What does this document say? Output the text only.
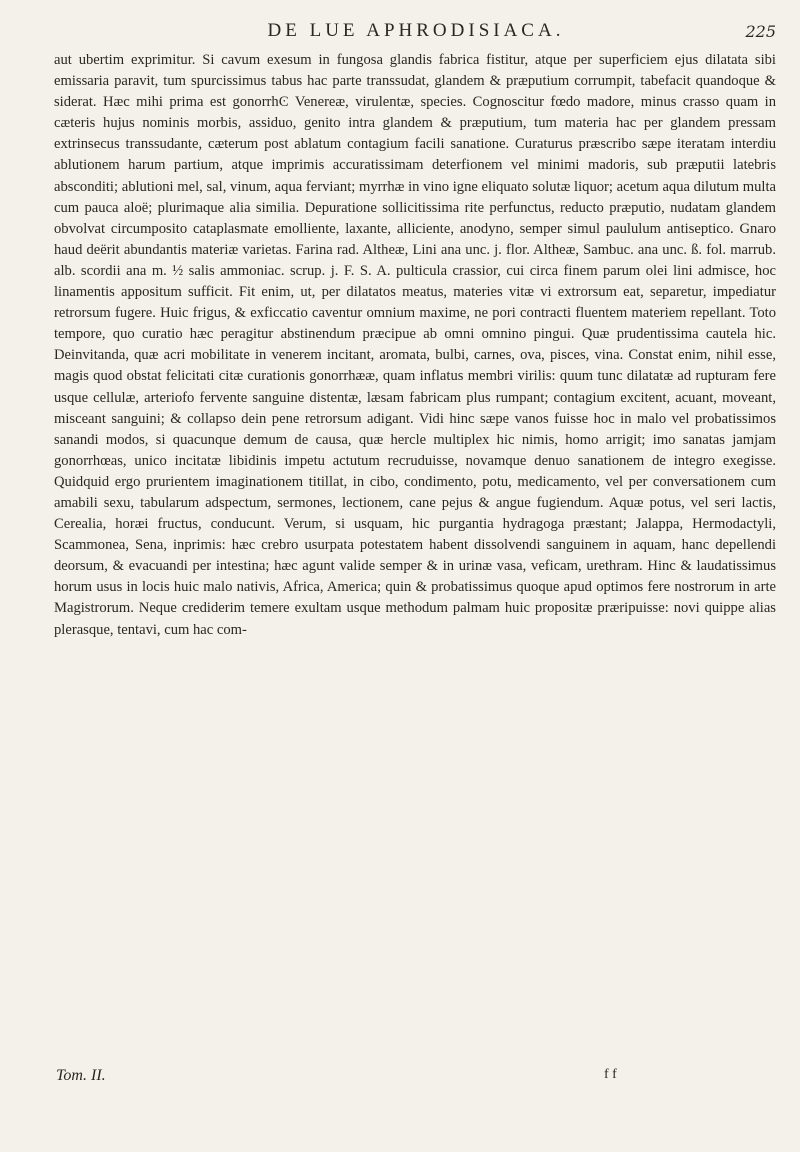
DE LUE APHRODISIACA.	225

aut ubertim exprimitur. Si cavum exesum in fungosa glandis fabrica fistitur, atque per superficiem ejus dilatata sibi emissaria paravit, tum spurcissimus tabus hac parte transsudat, glandem & præputium corrumpit, tabefacit quandoque & siderat. Hæc mihi prima est gonorrhϾ Venereæ, virulentæ, species. Cognoscitur fœdo madore, minus crasso quam in cæteris hujus nominis morbis, assiduo, genito intra glandem & præputium, tum materia hac per glandem pressam extrinsecus transsudante, cæterum post ablatum contagium facili sanatione. Curaturus præscribo sæpe iteratam interdiu ablutionem harum partium, atque imprimis accuratissimam deterfionem vel minimi madoris, sub præputii latebris absconditi; ablutioni mel, sal, vinum, aqua ferviant; myrrhæ in vino igne eliquato solutæ liquor; acetum aqua dilutum multa cum pauca aloë; plurimaque alia similia. Depuratione sollicitissima rite perfunctus, reducto præputio, nudatam glandem obvolvat circumposito cataplasmate emolliente, laxante, alliciente, anodyno, semper simul paululum antiseptico. Gnaro haud deërit abundantis materiæ varietas. Farina rad. Altheæ, Lini ana unc. j. flor. Altheæ, Sambuc. ana unc. ß. fol. marrub. alb. scordii ana m. ½ salis ammoniac. scrup. j. F. S. A. pulticula crassior, cui circa finem parum olei lini admisce, hoc linamentis appositum sufficit. Fit enim, ut, per dilatatos meatus, materies vitæ vi extrorsum eat, separetur, impediatur retrorsum fugere. Huic frigus, & exficcatio caventur omnium maxime, ne pori contracti fluentem materiem repellant. Toto tempore, quo curatio hæc peragitur abstinendum præcipue ab omni omnino pingui. Quæ prudentissima cautela hic. Deinvitanda, quæ acri mobilitate in venerem incitant, aromata, bulbi, carnes, ova, pisces, vina. Constat enim, nihil esse, magis quod obstat felicitati citæ curationis gonorrhææ, quam inflatus membri virilis: quum tunc dilatatæ ad rupturam fere usque cellulæ, arteriofo fervente sanguine distentæ, læsam fabricam plus rumpant; contagium excitent, acuant, moveant, misceant sanguini; & collapso dein pene retrorsum adigant. Vidi hinc sæpe vanos fuisse hoc in malo vel probatissimos sanandi modos, si quacunque demum de causa, quæ hercle multiplex hic nimis, homo arrigit; imo sanatas jamjam gonorrhœas, unico incitatæ libidinis impetu actutum recruduisse, novamque denuo sanationem de integro exegisse. Quidquid ergo prurientem imaginationem titillat, in cibo, condimento, potu, medicamento, vel per conversationem cum amabili sexu, tabularum adspectum, sermones, lectionem, cane pejus & angue fugiendum. Aquæ potus, vel seri lactis, Cerealia, horæi fructus, conducunt. Verum, si usquam, hic purgantia hydragoga præstant; Jalappa, Hermodactyli, Scammonea, Sena, inprimis: hæc crebro usurpata potestatem habent dissolvendi sanguinem in aquam, hanc depellendi deorsum, & evacuandi per intestina; hæc agunt valide semper & in urinæ vasa, veficam, urethram. Hinc & laudatissimus horum usus in locis huic malo nativis, Africa, America; quin & probatissimus quoque apud optimos fere nostrorum in arte Magistrorum. Neque crediderim temere exultam usque methodum palmam huic propositæ præripuisse: novi quippe alias plerasque, tentavi, cum hac com-

Tom. II.	f f
